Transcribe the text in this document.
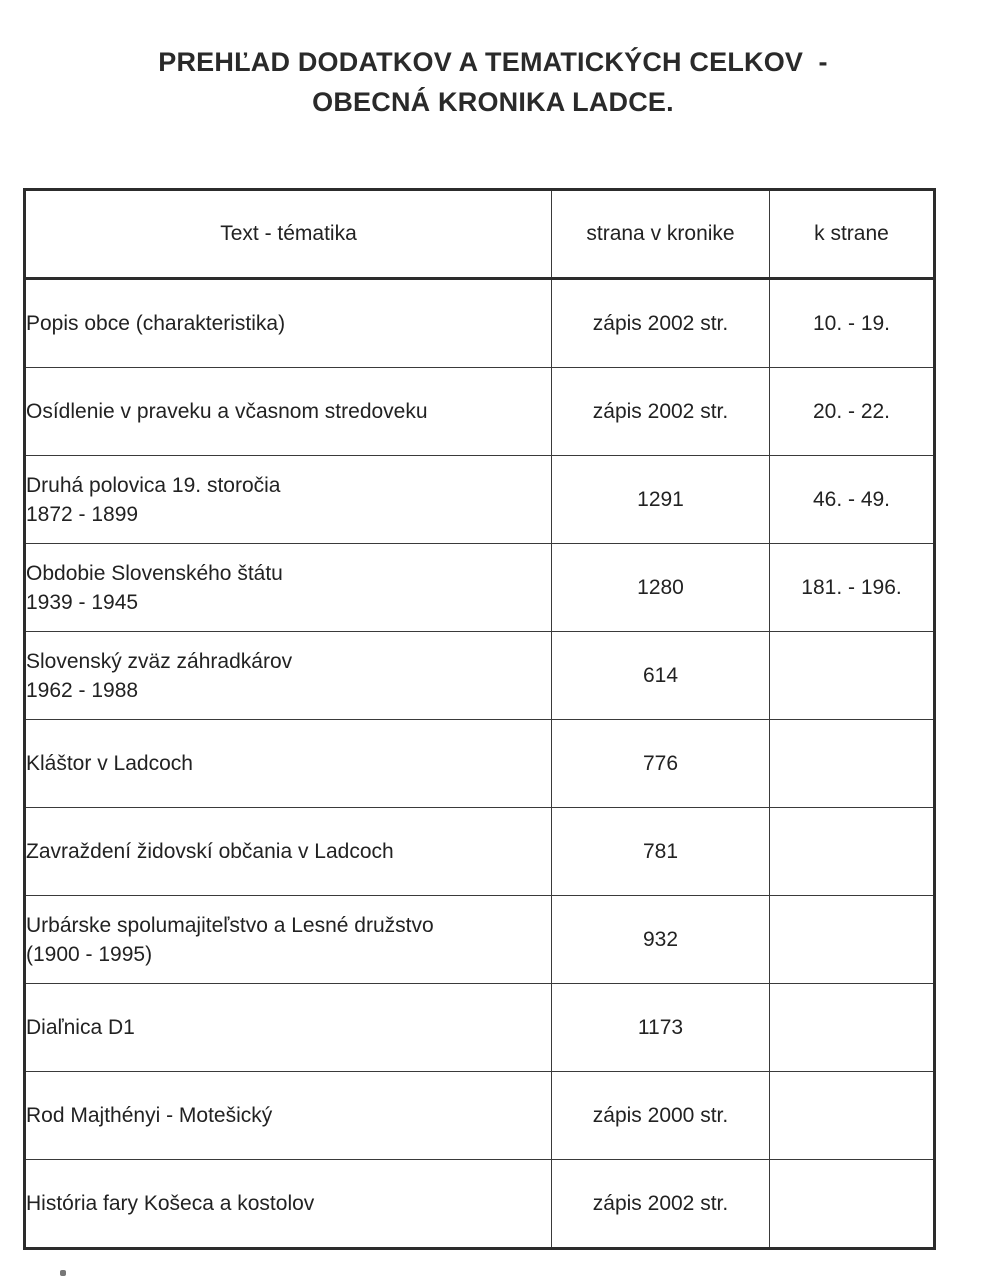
PREHĽAD DODATKOV A TEMATICKÝCH CELKOV  -
OBECNÁ KRONIKA LADCE.
Text - tématika	strana v kronike	k strane

Popis obce (charakteristika)	zápis 2002 str.	10. - 19.

Osídlenie v praveku a včasnom stredoveku	zápis 2002 str.	20. - 22.

Druhá polovica 19. storočia
1872 - 1899	1291	46. - 49.

Obdobie Slovenského štátu
1939 - 1945	1280	181. - 196.

Slovenský zväz záhradkárov
1962 - 1988	614	

Kláštor v Ladcoch	776	

Zavraždení židovskí občania v Ladcoch	781	

Urbárske spolumajiteľstvo a Lesné družstvo
(1900 - 1995)	932	

Diaľnica D1	1173	

Rod Majthényi - Motešický	zápis 2000 str.	

História fary Košeca a kostolov	zápis 2002 str.	
